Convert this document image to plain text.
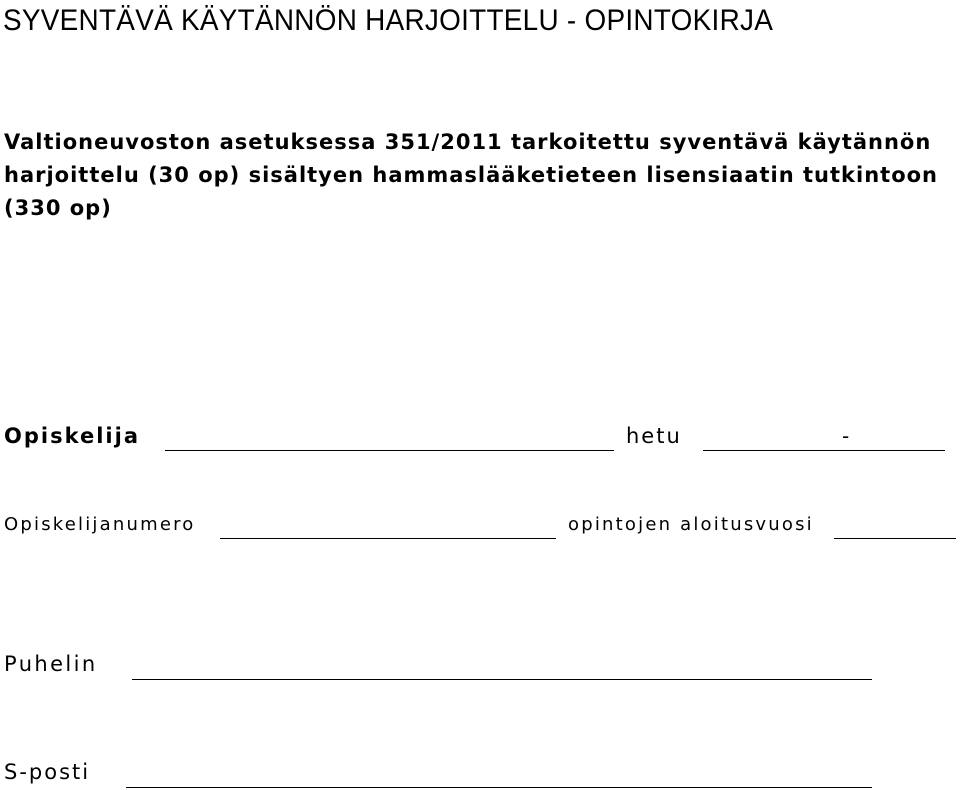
SYVENTÄVÄ KÄYTÄNNÖN HARJOITTELU - OPINTOKIRJA
Valtioneuvoston asetuksessa 351/2011 tarkoitettu syventävä käytännön
harjoittelu (30 op) sisältyen hammaslääketieteen lisensiaatin tutkintoon
(330 op)
Opiskelija	hetu	-
Opiskelijanumero	opintojen aloitusvuosi
Puhelin
S-posti
